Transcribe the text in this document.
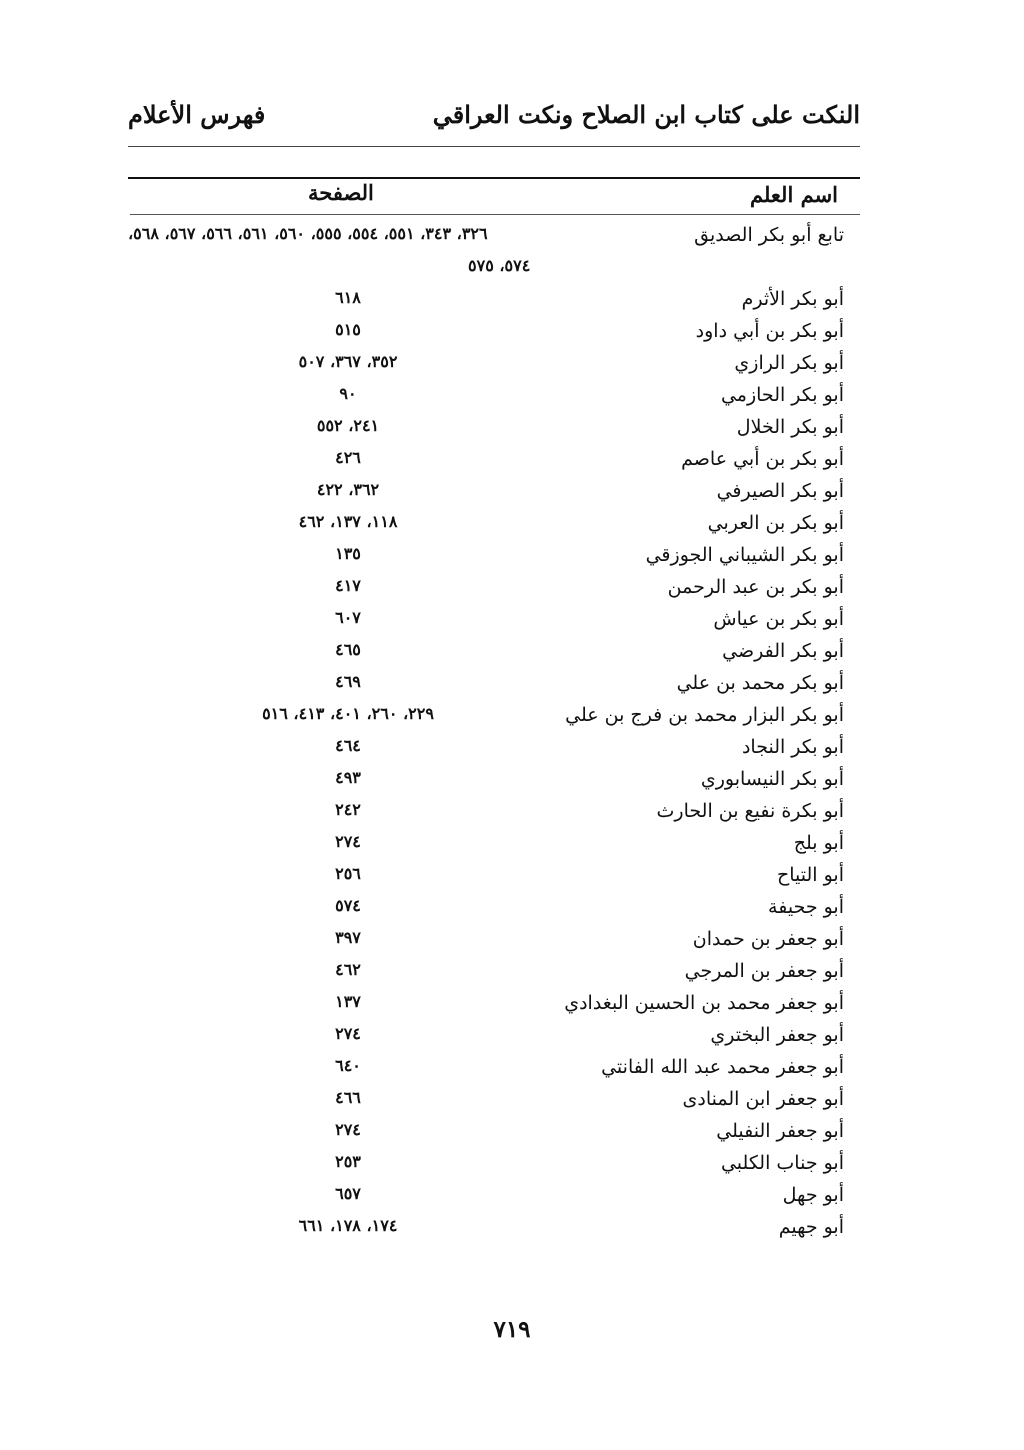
النكت على كتاب ابن الصلاح ونكت العراقي
فهرس الأعلام
اسم العلم
الصفحة
تابع أبو بكر الصديق
٣٢٦، ٣٤٣، ٥٥١، ٥٥٤، ٥٥٥، ٥٦٠، ٥٦١، ٥٦٦، ٥٦٧، ٥٦٨،
٥٧٤، ٥٧٥
أبو بكر الأثرم
٦١٨
أبو بكر بن أبي داود
٥١٥
أبو بكر الرازي
٣٥٢، ٣٦٧، ٥٠٧
أبو بكر الحازمي
٩٠
أبو بكر الخلال
٢٤١، ٥٥٢
أبو بكر بن أبي عاصم
٤٢٦
أبو بكر الصيرفي
٣٦٢، ٤٢٢
أبو بكر بن العربي
١١٨، ١٣٧، ٤٦٢
أبو بكر الشيباني الجوزقي
١٣٥
أبو بكر بن عبد الرحمن
٤١٧
أبو بكر بن عياش
٦٠٧
أبو بكر الفرضي
٤٦٥
أبو بكر محمد بن علي
٤٦٩
أبو بكر البزار محمد بن فرج بن علي
٢٢٩، ٢٦٠، ٤٠١، ٤١٣، ٥١٦
أبو بكر النجاد
٤٦٤
أبو بكر النيسابوري
٤٩٣
أبو بكرة نفيع بن الحارث
٢٤٢
أبو بلج
٢٧٤
أبو التياح
٢٥٦
أبو جحيفة
٥٧٤
أبو جعفر بن حمدان
٣٩٧
أبو جعفر بن المرجي
٤٦٢
أبو جعفر محمد بن الحسين البغدادي
١٣٧
أبو جعفر البختري
٢٧٤
أبو جعفر محمد عبد الله الفانتي
٦٤٠
أبو جعفر ابن المنادى
٤٦٦
أبو جعفر النفيلي
٢٧٤
أبو جناب الكلبي
٢٥٣
أبو جهل
٦٥٧
أبو جهيم
١٧٤، ١٧٨، ٦٦١
٧١٩
